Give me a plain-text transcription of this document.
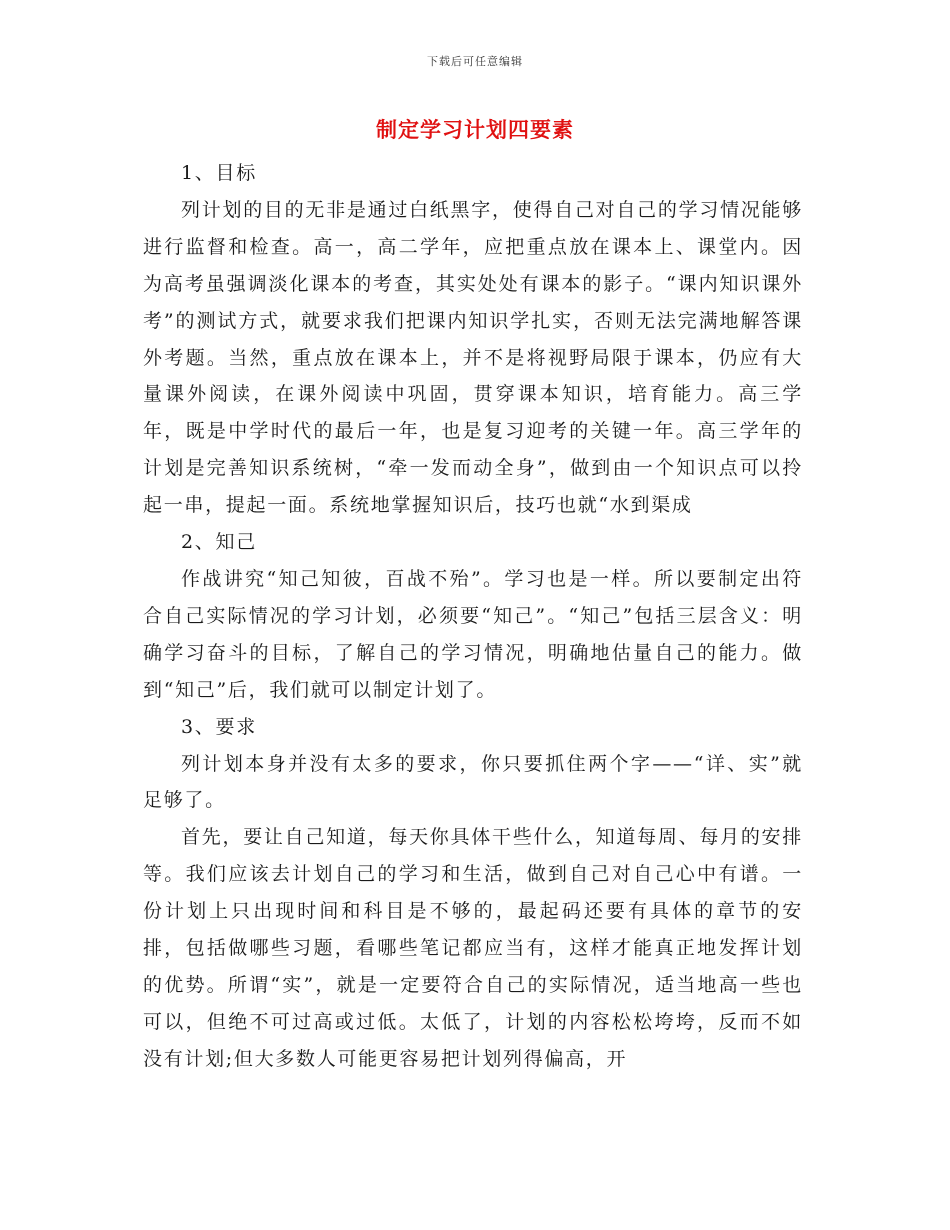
下载后可任意编辑
制定学习计划四要素

1、目标

列计划的目的无非是通过白纸黑字，使得自己对自己的学习情况能够进行监督和检查。高一，高二学年，应把重点放在课本上、课堂内。因为高考虽强调淡化课本的考查，其实处处有课本的影子。“课内知识课外考”的测试方式，就要求我们把课内知识学扎实，否则无法完满地解答课外考题。当然，重点放在课本上，并不是将视野局限于课本，仍应有大量课外阅读，在课外阅读中巩固，贯穿课本知识，培育能力。高三学年，既是中学时代的最后一年，也是复习迎考的关键一年。高三学年的计划是完善知识系统树，“牵一发而动全身”，做到由一个知识点可以拎起一串，提起一面。系统地掌握知识后，技巧也就“水到渠成

2、知己

作战讲究“知己知彼，百战不殆”。学习也是一样。所以要制定出符合自己实际情况的学习计划，必须要“知己”。“知己”包括三层含义：明确学习奋斗的目标，了解自己的学习情况，明确地估量自己的能力。做到“知己”后，我们就可以制定计划了。

3、要求

列计划本身并没有太多的要求，你只要抓住两个字——“详、实”就足够了。

首先，要让自己知道，每天你具体干些什么，知道每周、每月的安排等。我们应该去计划自己的学习和生活，做到自己对自己心中有谱。一份计划上只出现时间和科目是不够的，最起码还要有具体的章节的安排，包括做哪些习题，看哪些笔记都应当有，这样才能真正地发挥计划的优势。所谓“实”，就是一定要符合自己的实际情况，适当地高一些也可以，但绝不可过高或过低。太低了，计划的内容松松垮垮，反而不如没有计划;但大多数人可能更容易把计划列得偏高，开
